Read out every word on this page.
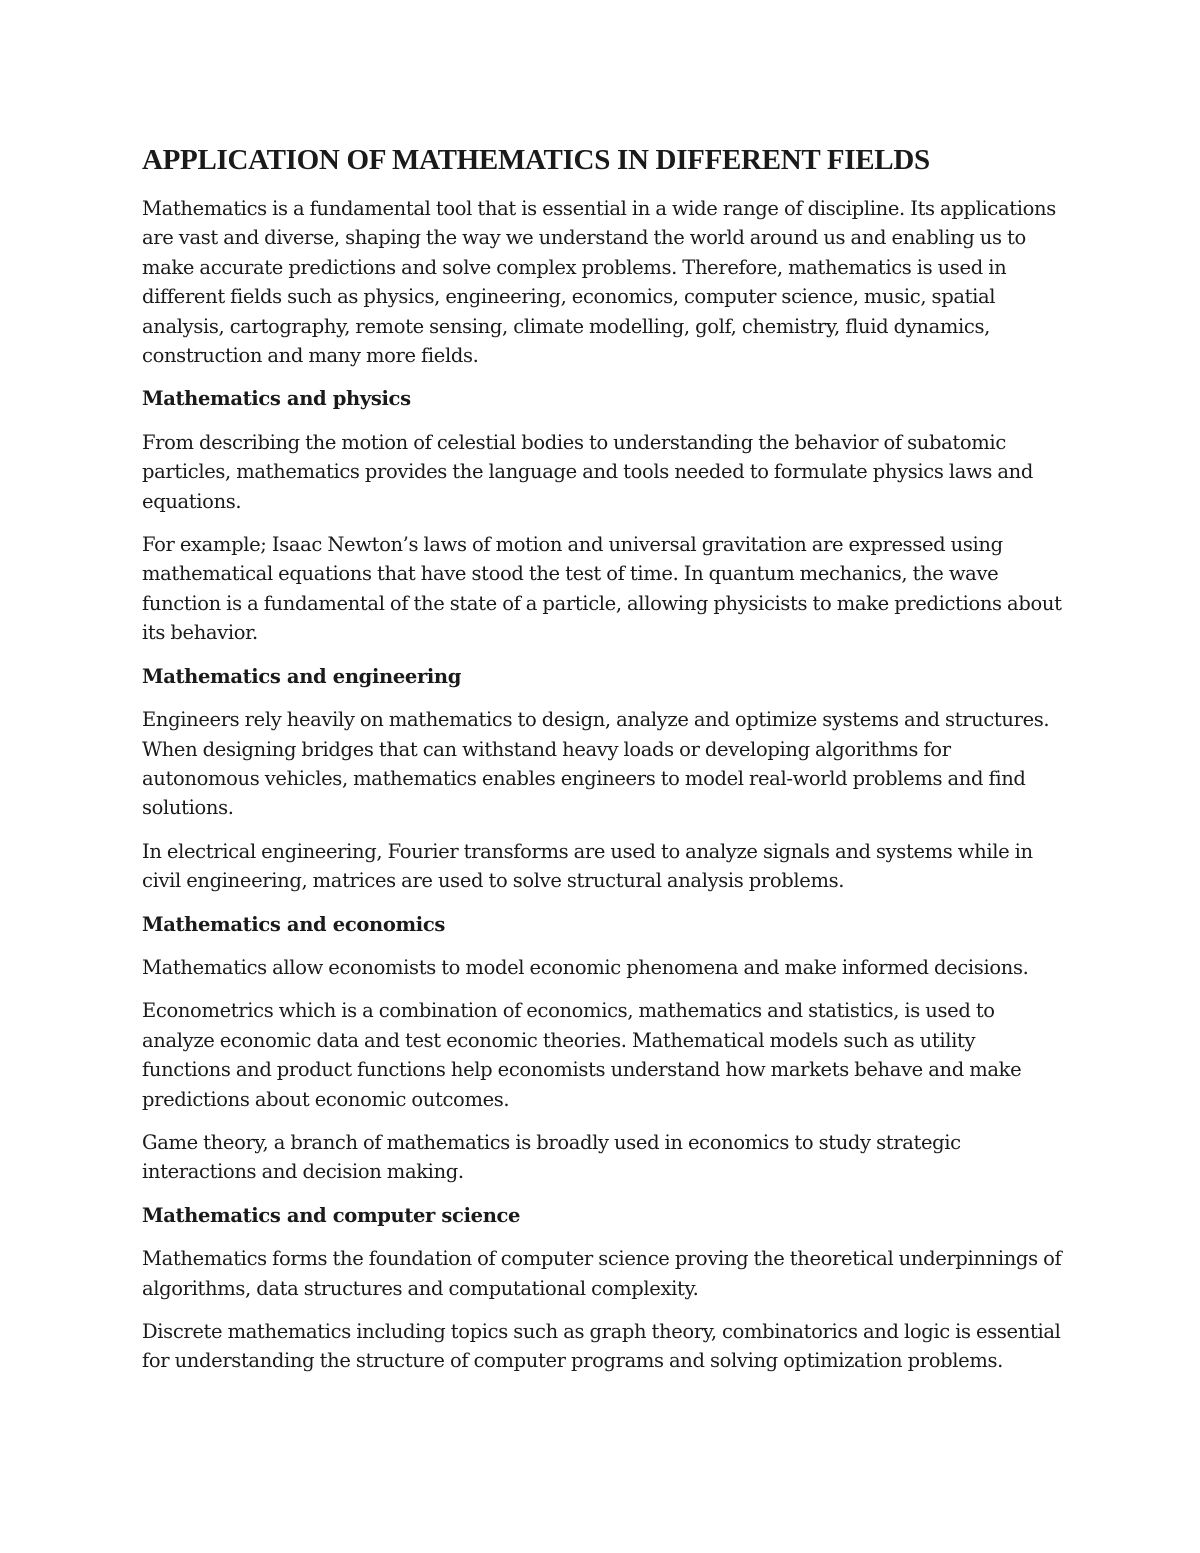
APPLICATION OF MATHEMATICS IN DIFFERENT FIELDS

Mathematics is a fundamental tool that is essential in a wide range of discipline. Its applications are vast and diverse, shaping the way we understand the world around us and enabling us to make accurate predictions and solve complex problems. Therefore, mathematics is used in different fields such as physics, engineering, economics, computer science, music, spatial analysis, cartography, remote sensing, climate modelling, golf, chemistry, fluid dynamics, construction and many more fields.

Mathematics and physics

From describing the motion of celestial bodies to understanding the behavior of subatomic particles, mathematics provides the language and tools needed to formulate physics laws and equations.

For example; Isaac Newton’s laws of motion and universal gravitation are expressed using mathematical equations that have stood the test of time. In quantum mechanics, the wave function is a fundamental of the state of a particle, allowing physicists to make predictions about its behavior.

Mathematics and engineering

Engineers rely heavily on mathematics to design, analyze and optimize systems and structures. When designing bridges that can withstand heavy loads or developing algorithms for autonomous vehicles, mathematics enables engineers to model real-world problems and find solutions.

In electrical engineering, Fourier transforms are used to analyze signals and systems while in civil engineering, matrices are used to solve structural analysis problems.

Mathematics and economics

Mathematics allow economists to model economic phenomena and make informed decisions.

Econometrics which is a combination of economics, mathematics and statistics, is used to analyze economic data and test economic theories. Mathematical models such as utility functions and product functions help economists understand how markets behave and make predictions about economic outcomes.

Game theory, a branch of mathematics is broadly used in economics to study strategic interactions and decision making.

Mathematics and computer science

Mathematics forms the foundation of computer science proving the theoretical underpinnings of algorithms, data structures and computational complexity.

Discrete mathematics including topics such as graph theory, combinatorics and logic is essential for understanding the structure of computer programs and solving optimization problems.
